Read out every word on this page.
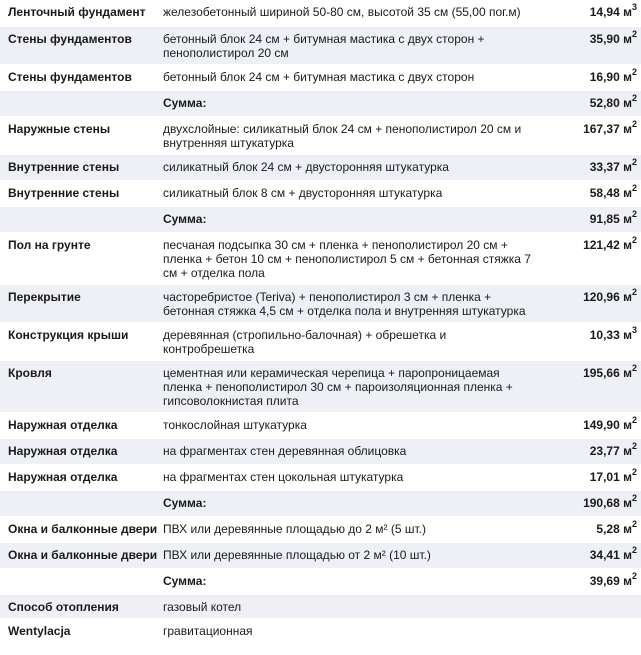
Ленточный фундамент	железобетонный шириной 50-80 см, высотой 35 см (55,00 пог.м)	14,94 $м^3$
Стены фундаментов	бетонный блок 24 см + битумная мастика с двух сторон + пенополистирол 20 см	35,90 $м^2$
Стены фундаментов	бетонный блок 24 см + битумная мастика с двух сторон	16,90 $м^2$
	Сумма:	52,80 $м^2$
Наружные стены	двухслойные: силикатный блок 24 см + пенополистирол 20 см и внутренняя штукатурка	167,37 $м^2$
Внутренние стены	силикатный блок 24 см + двусторонняя штукатурка	33,37 $м^2$
Внутренние стены	силикатный блок 8 см + двусторонняя штукатурка	58,48 $м^2$
	Сумма:	91,85 $м^2$
Пол на грунте	песчаная подсыпка 30 см + пленка + пенополистирол 20 см + пленка + бетон 10 см + пенополистирол 5 см + бетонная стяжка 7 см + отделка пола	121,42 $м^2$
Перекрытие	часторебристое (Teriva) + пенополистирол 3 см + пленка + бетонная стяжка 4,5 см + отделка пола и внутренняя штукатурка	120,96 $м^2$
Конструкция крыши	деревянная (стропильно-балочная) + обрешетка и контробрешетка	10,33 $м^3$
Кровля	цементная или керамическая черепица + паропроницаемая пленка + пенополистирол 30 см + пароизоляционная пленка + гипсоволокнистая плита	195,66 $м^2$
Наружная отделка	тонкослойная штукатурка	149,90 $м^2$
Наружная отделка	на фрагментах стен деревянная облицовка	23,77 $м^2$
Наружная отделка	на фрагментах стен цокольная штукатурка	17,01 $м^2$
	Сумма:	190,68 $м^2$
Окна и балконные двери	ПВХ или деревянные площадью до 2 м² (5 шт.)	5,28 $м^2$
Окна и балконные двери	ПВХ или деревянные площадью от 2 м² (10 шт.)	34,41 $м^2$
	Сумма:	39,69 $м^2$
Способ отопления	газовый котел	
Wentylacja	гравитационная	
